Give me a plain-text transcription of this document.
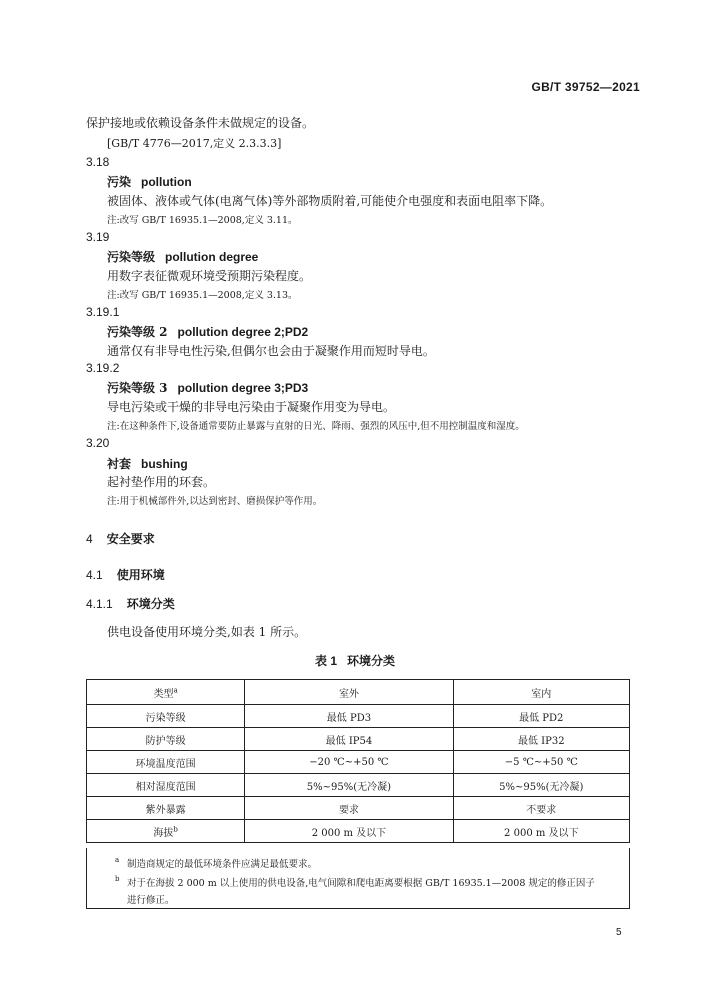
GB/T 39752—2021
保护接地或依赖设备条件未做规定的设备。
[GB/T 4776—2017,定义 2.3.3.3]
3.18
污染 pollution
被固体、液体或气体(电离气体)等外部物质附着,可能使介电强度和表面电阻率下降。
注:改写 GB/T 16935.1—2008,定义 3.11。
3.19
污染等级 pollution degree
用数字表征微观环境受预期污染程度。
注:改写 GB/T 16935.1—2008,定义 3.13。
3.19.1
污染等级 2 pollution degree 2;PD2
通常仅有非导电性污染,但偶尔也会由于凝聚作用而短时导电。
3.19.2
污染等级 3 pollution degree 3;PD3
导电污染或干燥的非导电污染由于凝聚作用变为导电。
注:在这种条件下,设备通常要防止暴露与直射的日光、降雨、强烈的风压中,但不用控制温度和湿度。
3.20
衬套 bushing
起衬垫作用的环套。
注:用于机械部件外,以达到密封、磨损保护等作用。
4 安全要求
4.1 使用环境
4.1.1 环境分类
供电设备使用环境分类,如表 1 所示。
表 1   环境分类
类型$^a$	室外	室内
污染等级	最低 PD3	最低 PD2
防护等级	最低 IP54	最低 IP32
环境温度范围	−20 ℃~+50 ℃	−5 ℃~+50 ℃
相对湿度范围	5%~95%(无冷凝)	5%~95%(无冷凝)
紫外暴露	要求	不要求
海拔$^b$	2 000 m 及以下	2 000 m 及以下
a 制造商规定的最低环境条件应满足最低要求。
b 对于在海拔 2 000 m 以上使用的供电设备,电气间隙和爬电距离要根据 GB/T 16935.1—2008 规定的修正因子
进行修正。
5
